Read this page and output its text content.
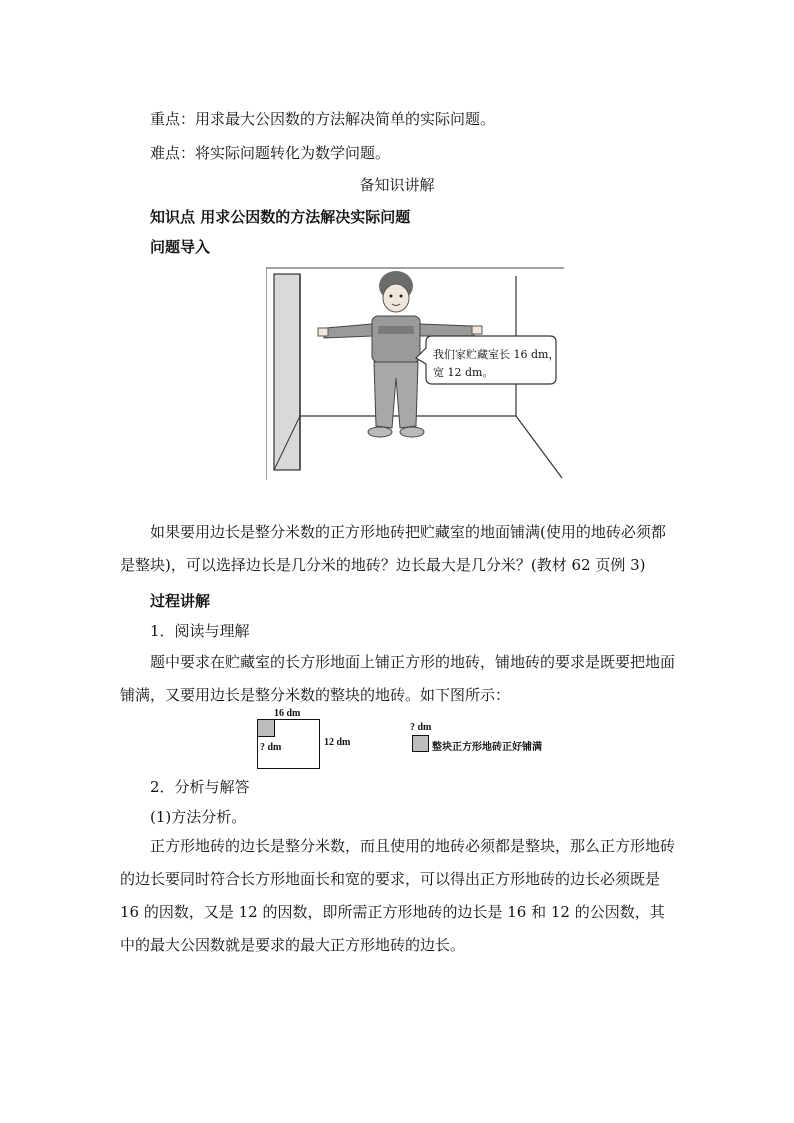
重点：用求最大公因数的方法解决简单的实际问题。
难点：将实际问题转化为数学问题。
备知识讲解
知识点 用求公因数的方法解决实际问题
问题导入
我们家贮藏室长 16 dm，
宽 12 dm。
如果要用边长是整分米数的正方形地砖把贮藏室的地面铺满(使用的地砖必须都是整块)，可以选择边长是几分米的地砖？边长最大是几分米？(教材 62 页例 3)
过程讲解
1．阅读与理解
题中要求在贮藏室的长方形地面上铺正方形的地砖，铺地砖的要求是既要把地面铺满，又要用边长是整分米数的整块的地砖。如下图所示：
16 dm
? dm	12 dm
? dm
整块正方形地砖正好铺满
2．分析与解答
(1)方法分析。
正方形地砖的边长是整分米数，而且使用的地砖必须都是整块，那么正方形地砖的边长要同时符合长方形地面长和宽的要求，可以得出正方形地砖的边长必须既是 16 的因数，又是 12 的因数，即所需正方形地砖的边长是 16 和 12 的公因数，其中的最大公因数就是要求的最大正方形地砖的边长。
